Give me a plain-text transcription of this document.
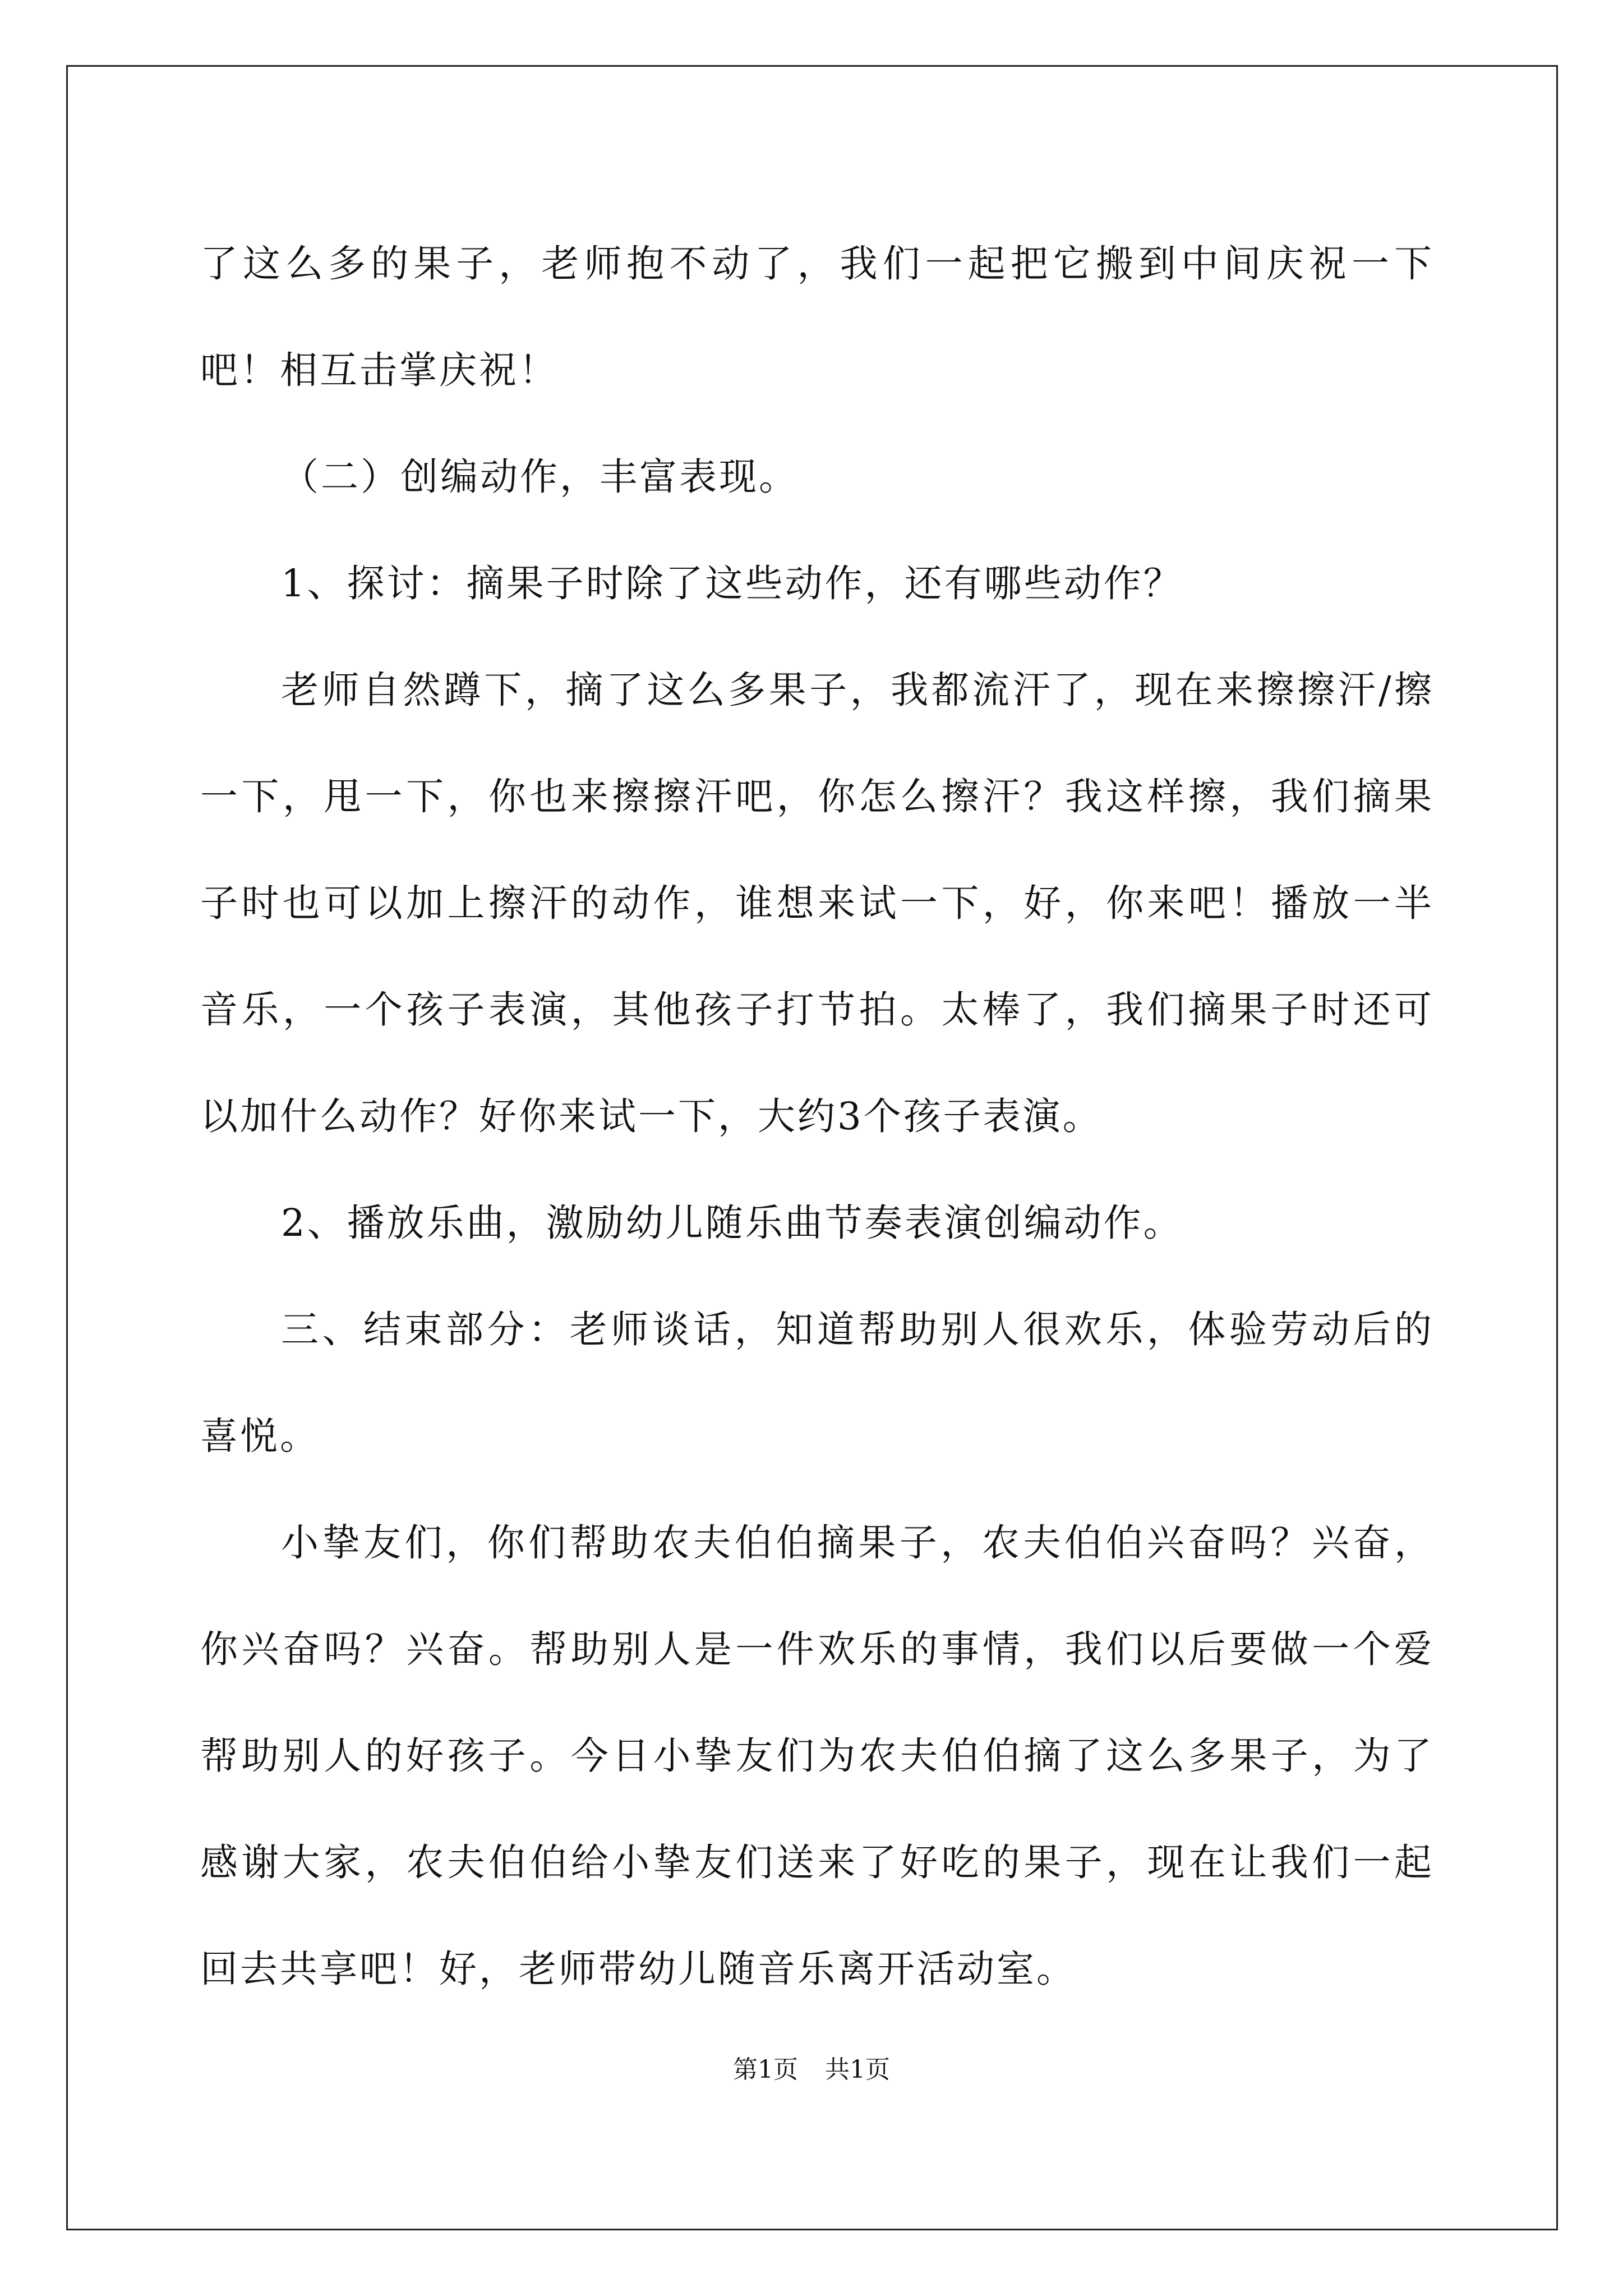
了这么多的果子，老师抱不动了，我们一起把它搬到中间庆祝一下吧！相互击掌庆祝！

（二）创编动作，丰富表现。

1、探讨：摘果子时除了这些动作，还有哪些动作？

老师自然蹲下，摘了这么多果子，我都流汗了，现在来擦擦汗/擦一下，甩一下，你也来擦擦汗吧，你怎么擦汗？我这样擦，我们摘果子时也可以加上擦汗的动作，谁想来试一下，好，你来吧！播放一半音乐，一个孩子表演，其他孩子打节拍。太棒了，我们摘果子时还可以加什么动作？好你来试一下，大约3个孩子表演。

2、播放乐曲，激励幼儿随乐曲节奏表演创编动作。

三、结束部分：老师谈话，知道帮助别人很欢乐，体验劳动后的喜悦。

小挚友们，你们帮助农夫伯伯摘果子，农夫伯伯兴奋吗？兴奋，你兴奋吗？兴奋。帮助别人是一件欢乐的事情，我们以后要做一个爱帮助别人的好孩子。今日小挚友们为农夫伯伯摘了这么多果子，为了感谢大家，农夫伯伯给小挚友们送来了好吃的果子，现在让我们一起回去共享吧！好，老师带幼儿随音乐离开活动室。

第1页 共1页
